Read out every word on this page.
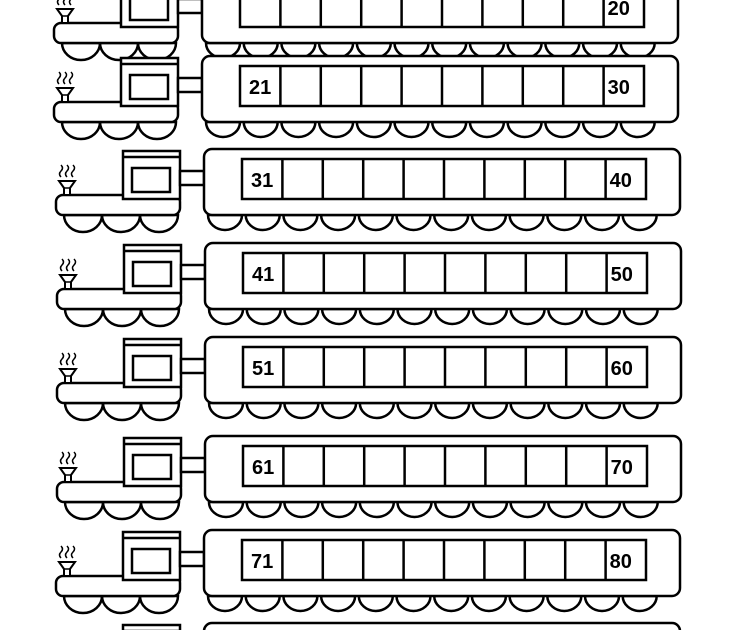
20
21	30
31	40
41	50
51	60
61	70
71	80
